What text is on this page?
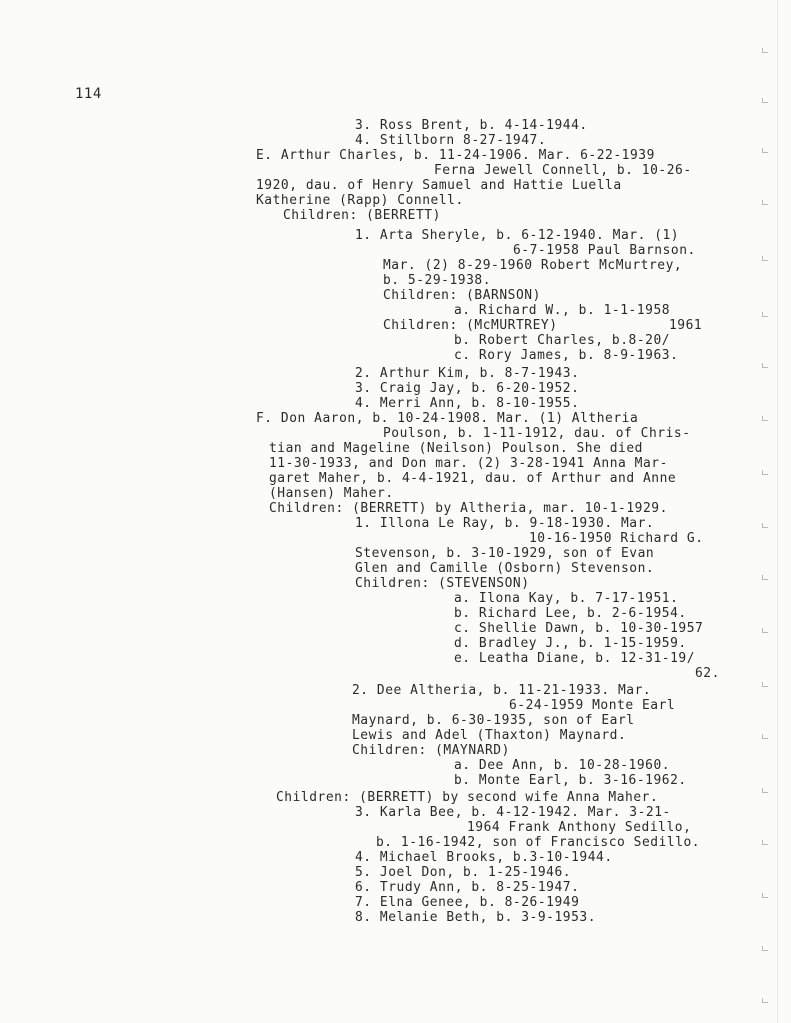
114
3. Ross Brent, b. 4-14-1944.
4. Stillborn 8-27-1947.
E. Arthur Charles, b. 11-24-1906. Mar. 6-22-1939
Ferna Jewell Connell, b. 10-26-
1920, dau. of Henry Samuel and Hattie Luella
Katherine (Rapp) Connell.
Children: (BERRETT)
1. Arta Sheryle, b. 6-12-1940. Mar. (1)
6-7-1958 Paul Barnson.
Mar. (2) 8-29-1960 Robert McMurtrey,
b. 5-29-1938.
Children: (BARNSON)
a. Richard W., b. 1-1-1958
Children: (McMURTREY)	1961
b. Robert Charles, b.8-20/
c. Rory James, b. 8-9-1963.
2. Arthur Kim, b. 8-7-1943.
3. Craig Jay, b. 6-20-1952.
4. Merri Ann, b. 8-10-1955.
F. Don Aaron, b. 10-24-1908. Mar. (1) Altheria
Poulson, b. 1-11-1912, dau. of Chris-
tian and Mageline (Neilson) Poulson. She died
11-30-1933, and Don mar. (2) 3-28-1941 Anna Mar-
garet Maher, b. 4-4-1921, dau. of Arthur and Anne
(Hansen) Maher.
Children: (BERRETT) by Altheria, mar. 10-1-1929.
1. Illona Le Ray, b. 9-18-1930. Mar.
10-16-1950 Richard G.
Stevenson, b. 3-10-1929, son of Evan
Glen and Camille (Osborn) Stevenson.
Children: (STEVENSON)
a. Ilona Kay, b. 7-17-1951.
b. Richard Lee, b. 2-6-1954.
c. Shellie Dawn, b. 10-30-1957
d. Bradley J., b. 1-15-1959.
e. Leatha Diane, b. 12-31-19/
62.
2. Dee Altheria, b. 11-21-1933. Mar.
6-24-1959 Monte Earl
Maynard, b. 6-30-1935, son of Earl
Lewis and Adel (Thaxton) Maynard.
Children: (MAYNARD)
a. Dee Ann, b. 10-28-1960.
b. Monte Earl, b. 3-16-1962.
Children: (BERRETT) by second wife Anna Maher.
3. Karla Bee, b. 4-12-1942. Mar. 3-21-
1964 Frank Anthony Sedillo,
b. 1-16-1942, son of Francisco Sedillo.
4. Michael Brooks, b.3-10-1944.
5. Joel Don, b. 1-25-1946.
6. Trudy Ann, b. 8-25-1947.
7. Elna Genee, b. 8-26-1949
8. Melanie Beth, b. 3-9-1953.
